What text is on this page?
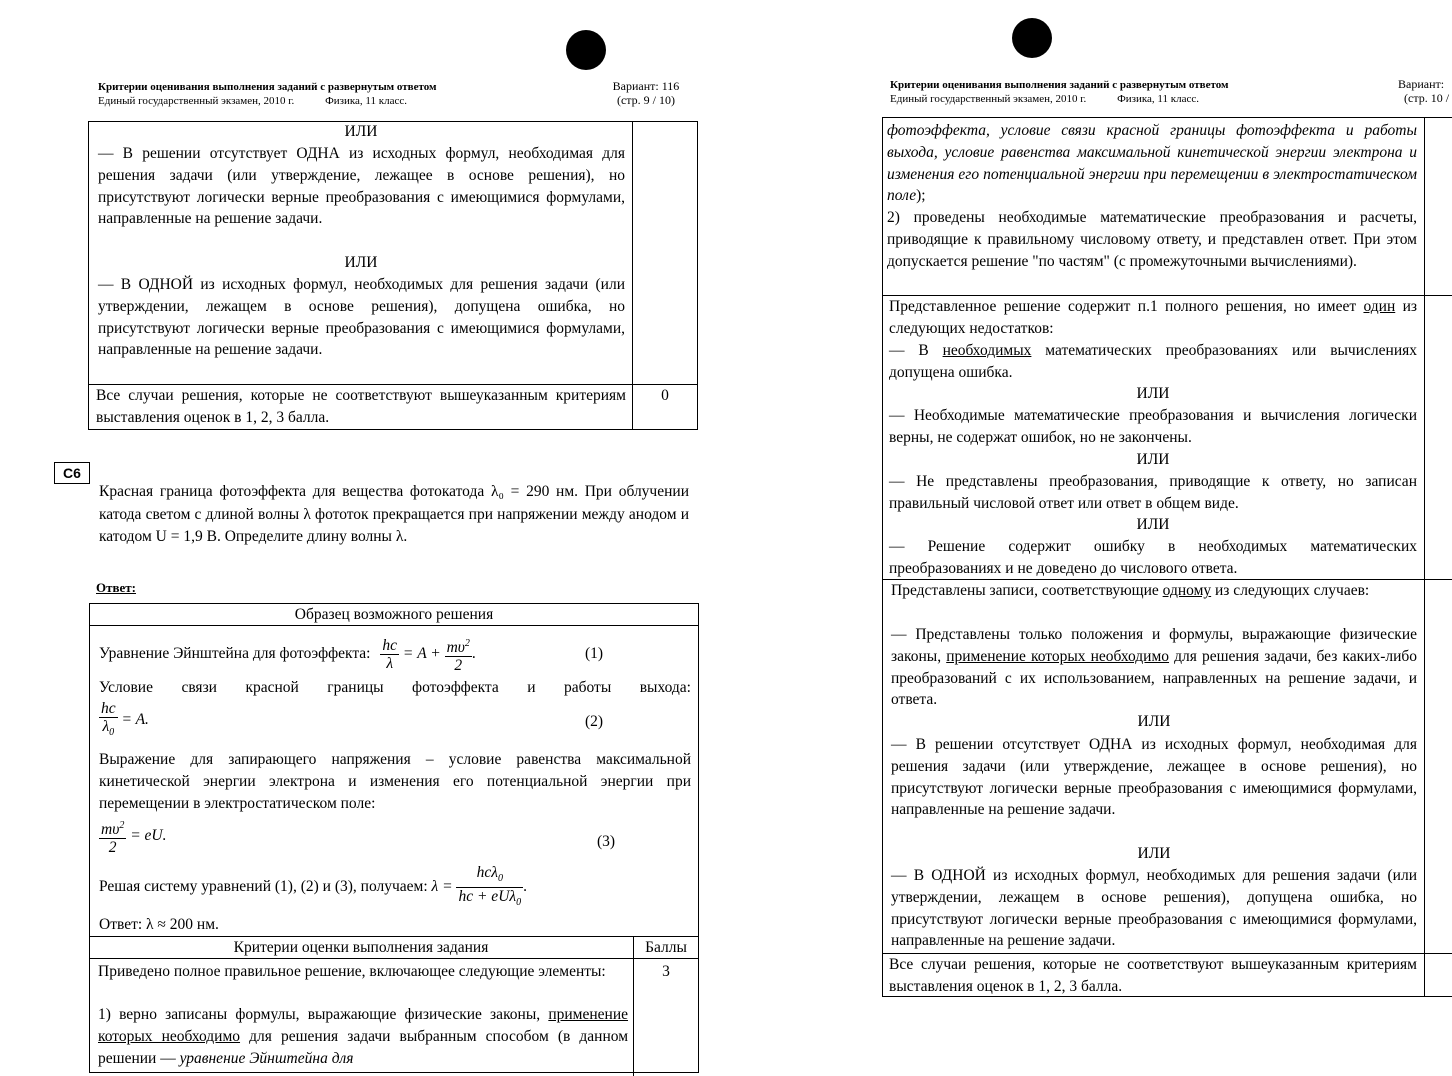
Критерии оценивания выполнения заданий с развернутым ответом
Единый государственный экзамен, 2010 г.	Физика, 11 класс.
Вариант: 116
(стр. 9 / 10)
ИЛИ
— В решении отсутствует ОДНА из исходных формул, необходимая для решения задачи (или утверждение, лежащее в основе решения), но присутствуют логически верные преобразования с имеющимися формулами, направленные на решение задачи.
ИЛИ
— В ОДНОЙ из исходных формул, необходимых для решения задачи (или утверждении, лежащем в основе решения), допущена ошибка, но присутствуют логически верные преобразования с имеющимися формулами, направленные на решение задачи.
Все случаи решения, которые не соответствуют вышеуказанным критериям выставления оценок в 1, 2, 3 балла.
0
С6
Красная граница фотоэффекта для вещества фотокатода λ₀ = 290 нм. При облучении катода светом с длиной волны λ фототок прекращается при напряжении между анодом и катодом U = 1,9 В. Определите длину волны λ.
Ответ:
Образец возможного решения
Уравнение Эйнштейна для фотоэффекта: $\frac{hc}{\lambda} = A + \frac{m\upsilon^2}{2}$ .	(1)
Условие связи красной границы фотоэффекта и работы выхода:
$\frac{hc}{\lambda_0} = A$.	(2)
Выражение для запирающего напряжения – условие равенства максимальной кинетической энергии электрона и изменения его потенциальной энергии при перемещении в электростатическом поле:
$\frac{m\upsilon^2}{2}$ = eU.	(3)
Решая систему уравнений (1), (2) и (3), получаем: $\lambda = \frac{hc\lambda_0}{hc + eU\lambda_0}$ .
Ответ: λ ≈ 200 нм.
Критерии оценки выполнения задания	Баллы
Приведено полное правильное решение, включающее следующие элементы:
1) верно записаны формулы, выражающие физические законы, применение которых необходимо для решения задачи выбранным способом (в данном решении — уравнение Эйнштейна для
3
Критерии оценивания выполнения заданий с развернутым ответом
Единый государственный экзамен, 2010 г.	Физика, 11 класс.
Вариант:
(стр. 10 /
фотоэффекта, условие связи красной границы фотоэффекта и работы выхода, условие равенства максимальной кинетической энергии электрона и изменения его потенциальной энергии при перемещении в электростатическом поле);
2) проведены необходимые математические преобразования и расчеты, приводящие к правильному числовому ответу, и представлен ответ. При этом допускается решение "по частям" (с промежуточными вычислениями).
Представленное решение содержит п.1 полного решения, но имеет один из следующих недостатков:
— В необходимых математических преобразованиях или вычислениях допущена ошибка.
ИЛИ
— Необходимые математические преобразования и вычисления логически верны, не содержат ошибок, но не закончены.
ИЛИ
— Не представлены преобразования, приводящие к ответу, но записан правильный числовой ответ или ответ в общем виде.
ИЛИ
— Решение содержит ошибку в необходимых математических преобразованиях и не доведено до числового ответа.
Представлены записи, соответствующие одному из следующих случаев:
— Представлены только положения и формулы, выражающие физические законы, применение которых необходимо для решения задачи, без каких-либо преобразований с их использованием, направленных на решение задачи, и ответа.
ИЛИ
— В решении отсутствует ОДНА из исходных формул, необходимая для решения задачи (или утверждение, лежащее в основе решения), но присутствуют логически верные преобразования с имеющимися формулами, направленные на решение задачи.
ИЛИ
— В ОДНОЙ из исходных формул, необходимых для решения задачи (или утверждении, лежащем в основе решения), допущена ошибка, но присутствуют логически верные преобразования с имеющимися формулами, направленные на решение задачи.
Все случаи решения, которые не соответствуют вышеуказанным критериям выставления оценок в 1, 2, 3 балла.
